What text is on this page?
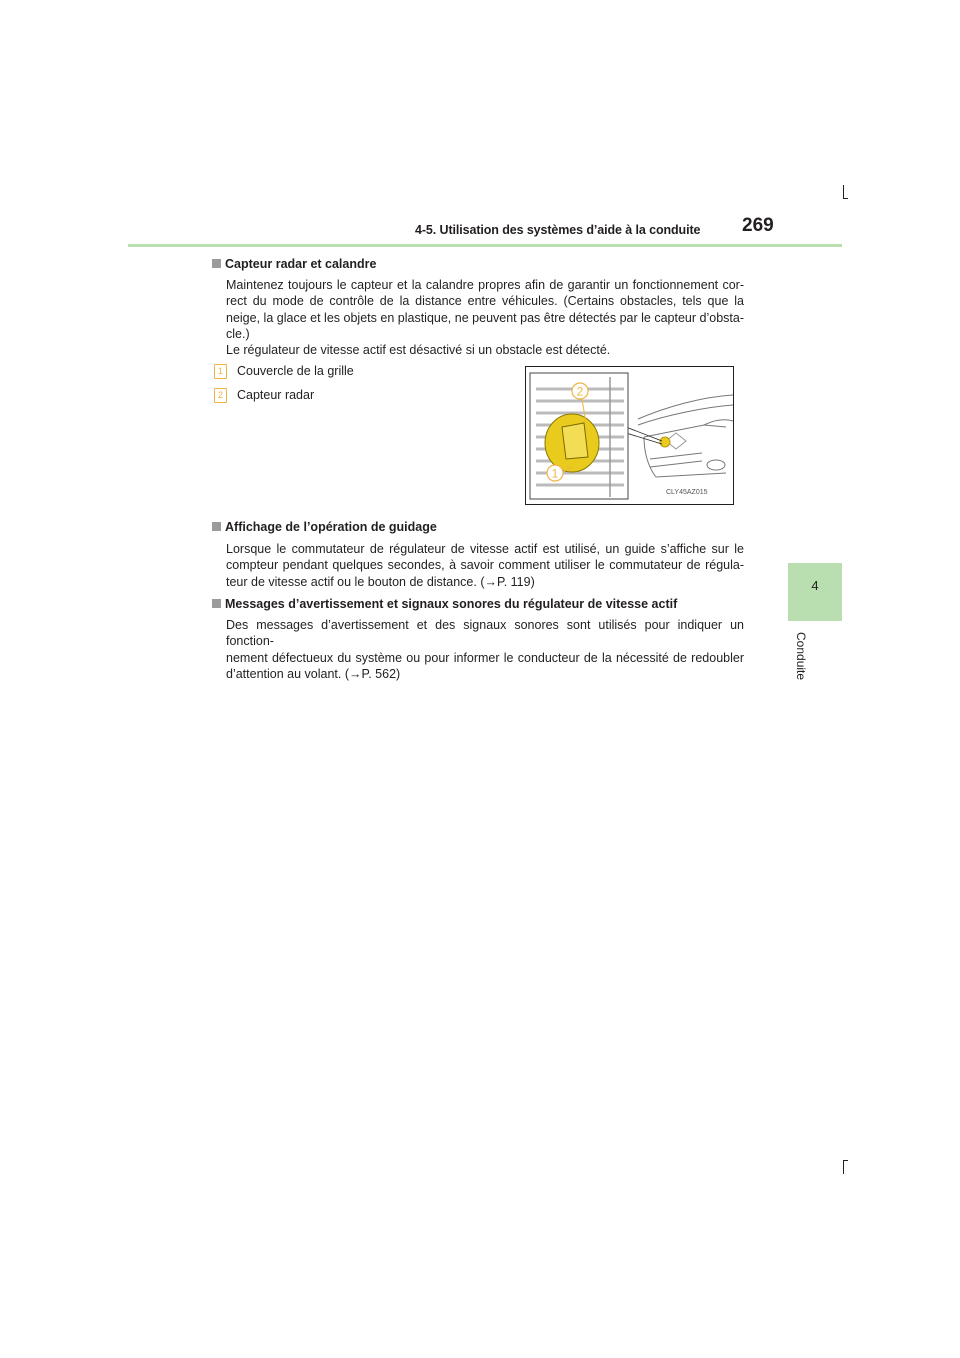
4-5. Utilisation des systèmes d’aide à la conduite 269
4
Conduite
Capteur radar et calandre
Maintenez toujours le capteur et la calandre propres afin de garantir un fonctionnement cor-
rect du mode de contrôle de la distance entre véhicules. (Certains obstacles, tels que la
neige, la glace et les objets en plastique, ne peuvent pas être détectés par le capteur d’obsta-
cle.)
Le régulateur de vitesse actif est désactivé si un obstacle est détecté.
1 Couvercle de la grille
2 Capteur radar	2
1
CLY45AZ015
Affichage de l’opération de guidage
Lorsque le commutateur de régulateur de vitesse actif est utilisé, un guide s’affiche sur le
compteur pendant quelques secondes, à savoir comment utiliser le commutateur de régula-
teur de vitesse actif ou le bouton de distance. (→P. 119)
Messages d’avertissement et signaux sonores du régulateur de vitesse actif
Des messages d’avertissement et des signaux sonores sont utilisés pour indiquer un fonction-
nement défectueux du système ou pour informer le conducteur de la nécessité de redoubler
d’attention au volant. (→P. 562)
